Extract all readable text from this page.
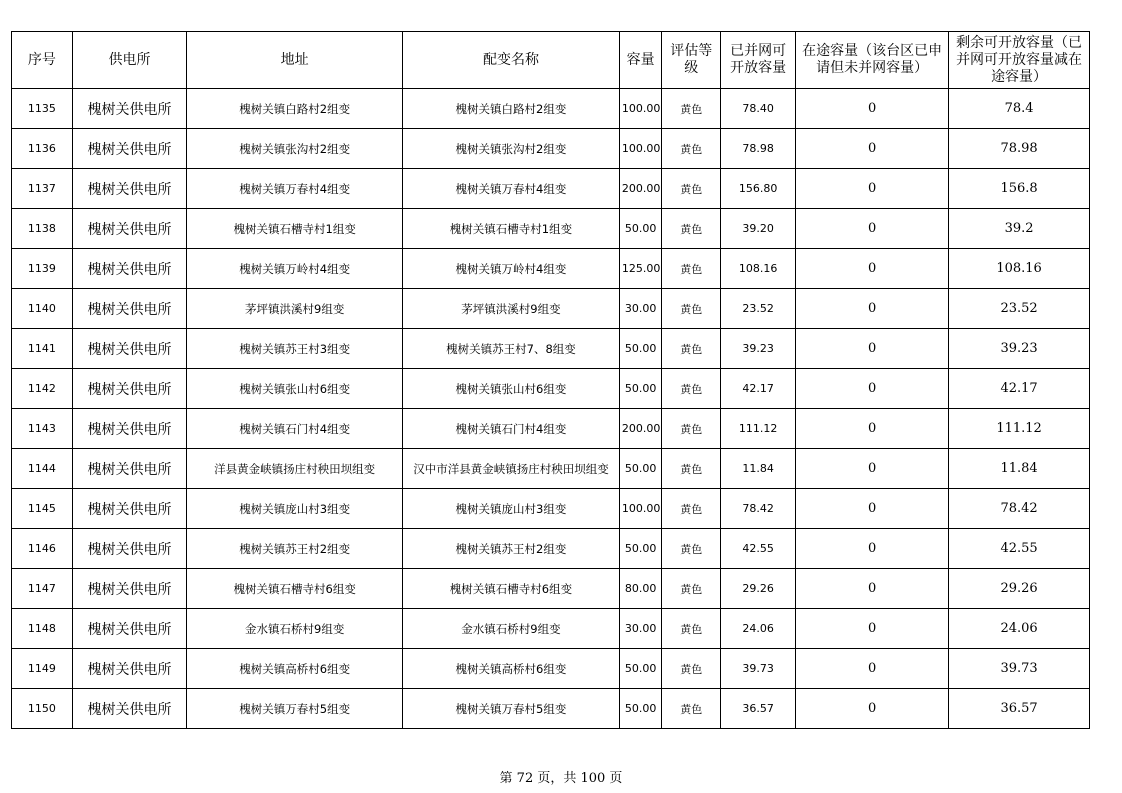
序号	供电所	地址	配变名称	容量	评估等级	已并网可开放容量	在途容量（该台区已申请但未并网容量）	剩余可开放容量（已并网可开放容量减在途容量）
1135	槐树关供电所	槐树关镇白路村2组变	槐树关镇白路村2组变	100.00	黄色	78.40	0	78.4
1136	槐树关供电所	槐树关镇张沟村2组变	槐树关镇张沟村2组变	100.00	黄色	78.98	0	78.98
1137	槐树关供电所	槐树关镇万春村4组变	槐树关镇万春村4组变	200.00	黄色	156.80	0	156.8
1138	槐树关供电所	槐树关镇石槽寺村1组变	槐树关镇石槽寺村1组变	50.00	黄色	39.20	0	39.2
1139	槐树关供电所	槐树关镇万岭村4组变	槐树关镇万岭村4组变	125.00	黄色	108.16	0	108.16
1140	槐树关供电所	茅坪镇洪溪村9组变	茅坪镇洪溪村9组变	30.00	黄色	23.52	0	23.52
1141	槐树关供电所	槐树关镇苏王村3组变	槐树关镇苏王村7、8组变	50.00	黄色	39.23	0	39.23
1142	槐树关供电所	槐树关镇张山村6组变	槐树关镇张山村6组变	50.00	黄色	42.17	0	42.17
1143	槐树关供电所	槐树关镇石门村4组变	槐树关镇石门村4组变	200.00	黄色	111.12	0	111.12
1144	槐树关供电所	洋县黄金峡镇扬庄村秧田坝组变	汉中市洋县黄金峡镇扬庄村秧田坝组变	50.00	黄色	11.84	0	11.84
1145	槐树关供电所	槐树关镇庞山村3组变	槐树关镇庞山村3组变	100.00	黄色	78.42	0	78.42
1146	槐树关供电所	槐树关镇苏王村2组变	槐树关镇苏王村2组变	50.00	黄色	42.55	0	42.55
1147	槐树关供电所	槐树关镇石槽寺村6组变	槐树关镇石槽寺村6组变	80.00	黄色	29.26	0	29.26
1148	槐树关供电所	金水镇石桥村9组变	金水镇石桥村9组变	30.00	黄色	24.06	0	24.06
1149	槐树关供电所	槐树关镇高桥村6组变	槐树关镇高桥村6组变	50.00	黄色	39.73	0	39.73
1150	槐树关供电所	槐树关镇万春村5组变	槐树关镇万春村5组变	50.00	黄色	36.57	0	36.57
第 72 页，共 100 页
